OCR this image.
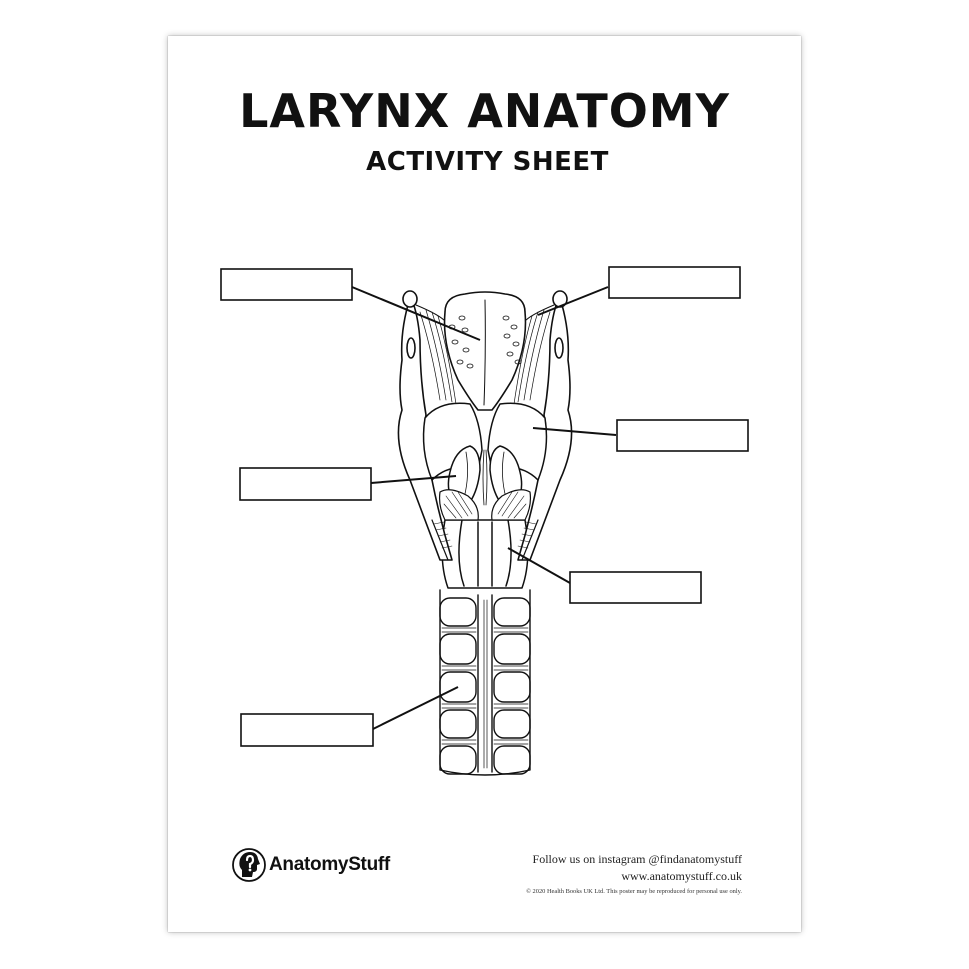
LARYNX ANATOMY
ACTIVITY SHEET
AnatomyStuff	Follow us on instagram @findanatomystuff
www.anatomystuff.co.uk
© 2020 Health Books UK Ltd. This poster may be reproduced for personal use only.
